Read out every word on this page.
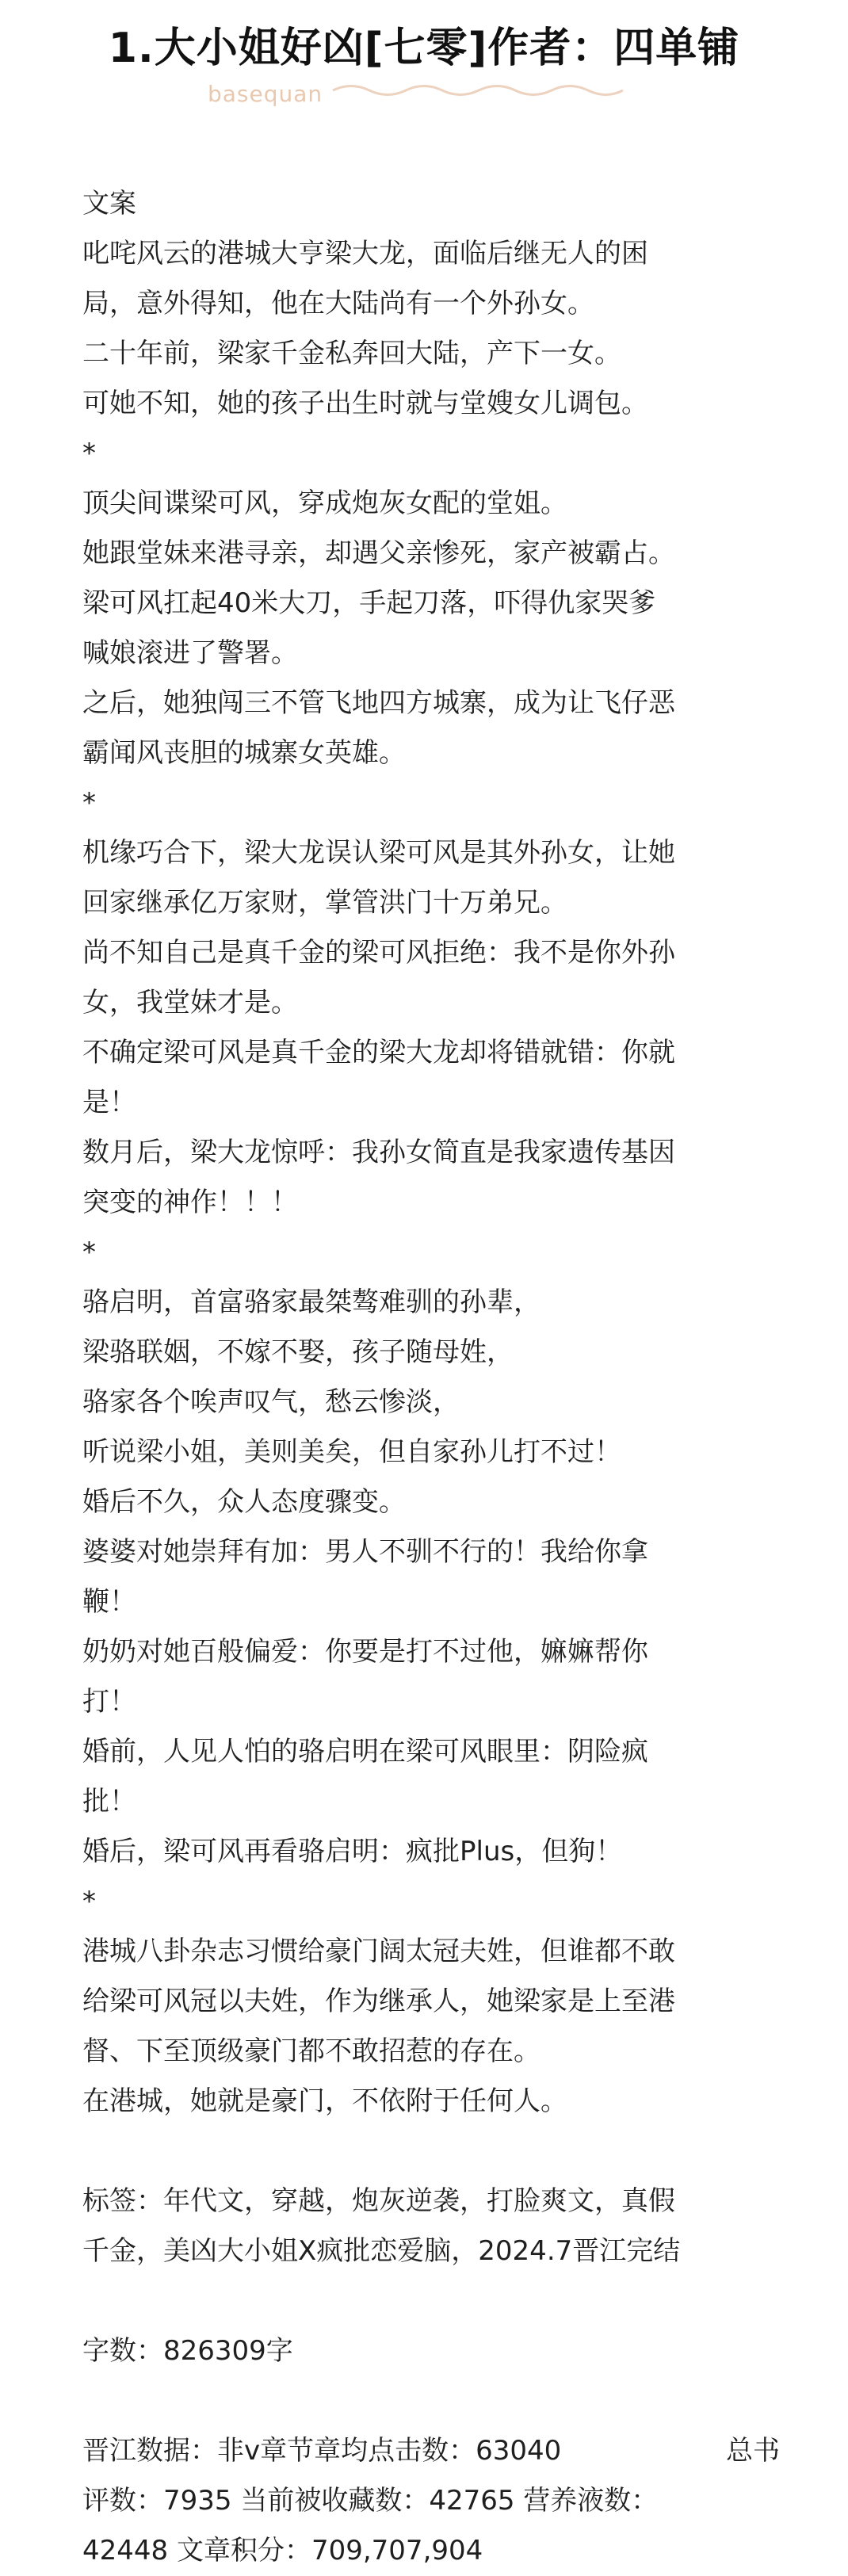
1.大小姐好凶[七零]作者：四单铺
basequan
文案
叱咤风云的港城大亨梁大龙，面临后继无人的困
局，意外得知，他在大陆尚有一个外孙女。
二十年前，梁家千金私奔回大陆，产下一女。
可她不知，她的孩子出生时就与堂嫂女儿调包。
*
顶尖间谍梁可风，穿成炮灰女配的堂姐。
她跟堂妹来港寻亲，却遇父亲惨死，家产被霸占。
梁可风扛起40米大刀，手起刀落，吓得仇家哭爹
喊娘滚进了警署。
之后，她独闯三不管飞地四方城寨，成为让飞仔恶
霸闻风丧胆的城寨女英雄。
*
机缘巧合下，梁大龙误认梁可风是其外孙女，让她
回家继承亿万家财，掌管洪门十万弟兄。
尚不知自己是真千金的梁可风拒绝：我不是你外孙
女，我堂妹才是。
不确定梁可风是真千金的梁大龙却将错就错：你就
是！
数月后，梁大龙惊呼：我孙女简直是我家遗传基因
突变的神作！！！
*
骆启明，首富骆家最桀骜难驯的孙辈，
梁骆联姻，不嫁不娶，孩子随母姓，
骆家各个唉声叹气，愁云惨淡，
听说梁小姐，美则美矣，但自家孙儿打不过！
婚后不久，众人态度骤变。
婆婆对她崇拜有加：男人不驯不行的！我给你拿
鞭！
奶奶对她百般偏爱：你要是打不过他，嫲嫲帮你
打！
婚前，人见人怕的骆启明在梁可风眼里：阴险疯
批！
婚后，梁可风再看骆启明：疯批Plus，但狗！
*
港城八卦杂志习惯给豪门阔太冠夫姓，但谁都不敢
给梁可风冠以夫姓，作为继承人，她梁家是上至港
督、下至顶级豪门都不敢招惹的存在。
在港城，她就是豪门，不依附于任何人。
标签：年代文，穿越，炮灰逆袭，打脸爽文，真假
千金，美凶大小姐X疯批恋爱脑，2024.7晋江完结
字数：826309字
晋江数据：非v章节章均点击数：63040	总书
评数：7935 当前被收藏数：42765 营养液数：
42448 文章积分：709,707,904
